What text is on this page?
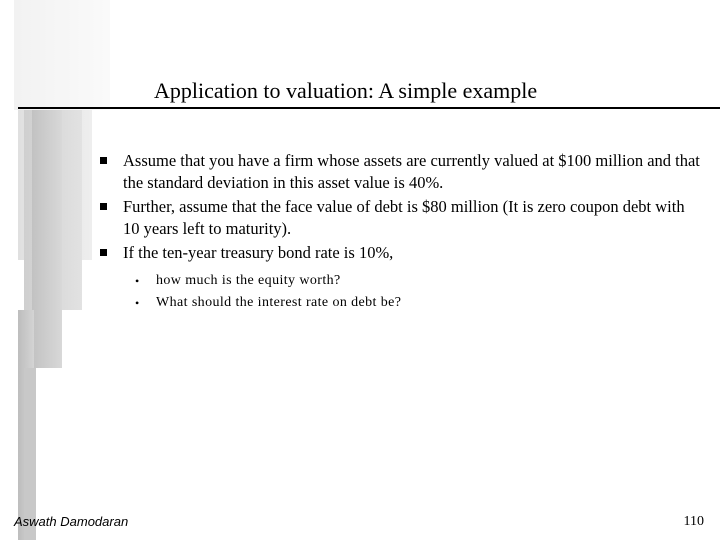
Application to valuation: A simple example
Assume that you have a firm whose assets are currently valued at $100 million and that the standard deviation in this asset value is 40%.
Further, assume that the face value of debt is $80 million (It is zero coupon debt with 10 years left to maturity).
If the ten-year treasury bond rate is 10%,
• how much is the equity worth?
• What should the interest rate on debt be?
Aswath Damodaran	110
